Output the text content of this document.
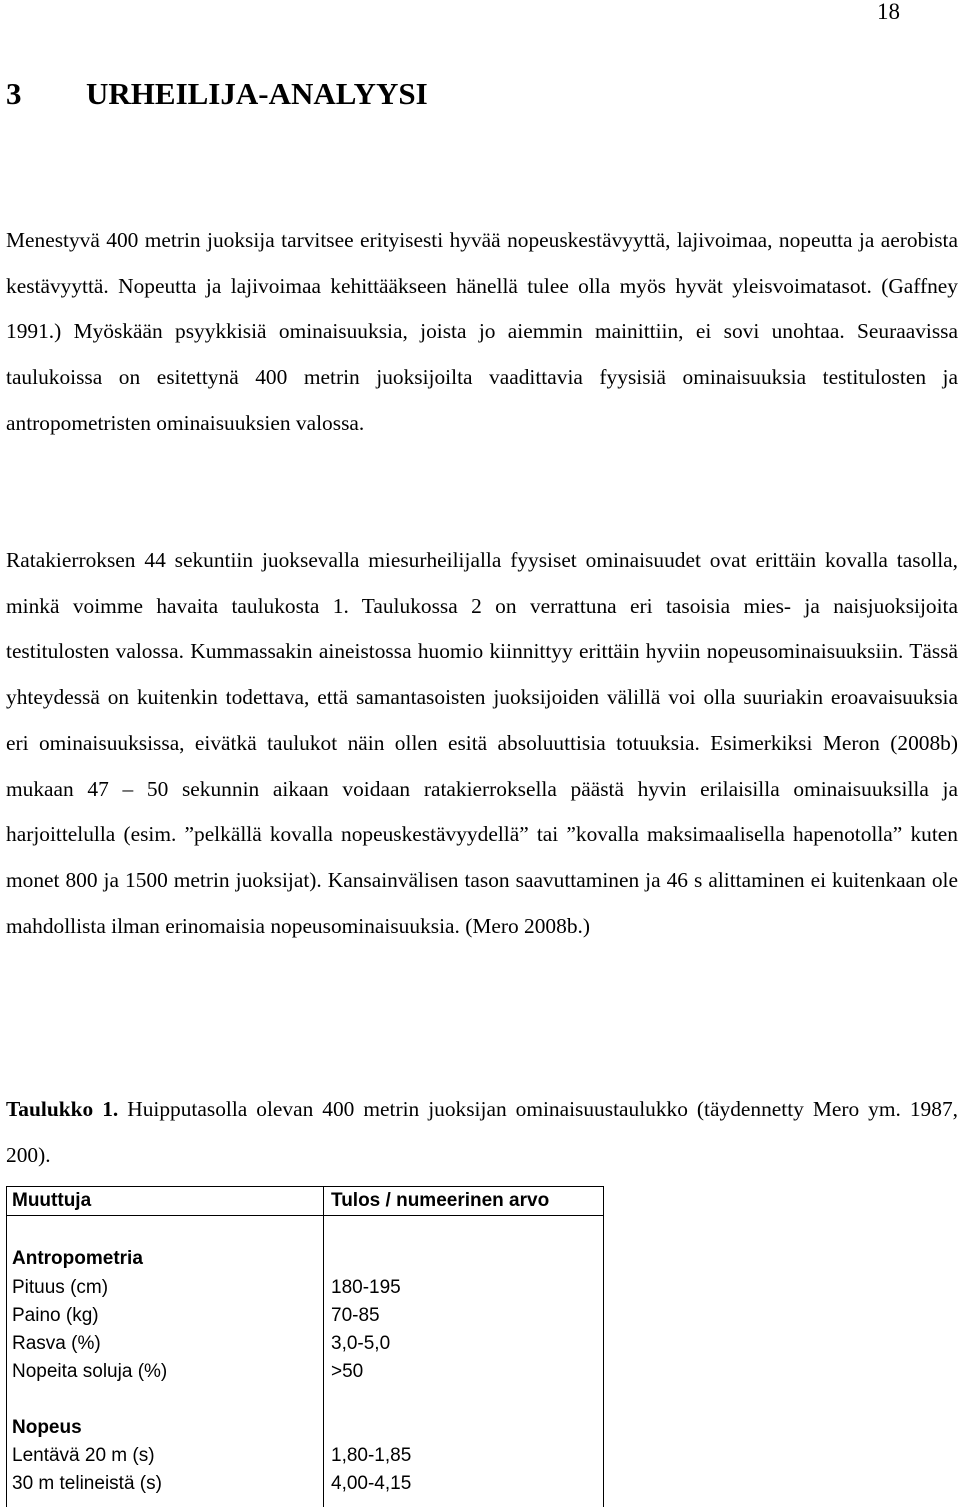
18
3 URHEILIJA-ANALYYSI

Menestyvä 400 metrin juoksija tarvitsee erityisesti hyvää nopeuskestävyyttä, lajivoimaa, nopeutta ja aerobista kestävyyttä. Nopeutta ja lajivoimaa kehittääkseen hänellä tulee olla myös hyvät yleisvoimatasot. (Gaffney 1991.) Myöskään psyykkisiä ominaisuuksia, joista jo aiemmin mainittiin, ei sovi unohtaa. Seuraavissa taulukoissa on esitettynä 400 metrin juoksijoilta vaadittavia fyysisiä ominaisuuksia testitulosten ja antropometristen ominaisuuksien valossa.

Ratakierroksen 44 sekuntiin juoksevalla miesurheilijalla fyysiset ominaisuudet ovat erittäin kovalla tasolla, minkä voimme havaita taulukosta 1. Taulukossa 2 on verrattuna eri tasoisia mies- ja naisjuoksijoita testitulosten valossa. Kummassakin aineistossa huomio kiinnittyy erittäin hyviin nopeusominaisuuksiin. Tässä yhteydessä on kuitenkin todettava, että samantasoisten juoksijoiden välillä voi olla suuriakin eroavaisuuksia eri ominaisuuksissa, eivätkä taulukot näin ollen esitä absoluuttisia totuuksia. Esimerkiksi Meron (2008b) mukaan 47 – 50 sekunnin aikaan voidaan ratakierroksella päästä hyvin erilaisilla ominaisuuksilla ja harjoittelulla (esim. ”pelkällä kovalla nopeuskestävyydellä” tai ”kovalla maksimaalisella hapenotolla” kuten monet 800 ja 1500 metrin juoksijat). Kansainvälisen tason saavuttaminen ja 46 s alittaminen ei kuitenkaan ole mahdollista ilman erinomaisia nopeusominaisuuksia. (Mero 2008b.)

Taulukko 1. Huipputasolla olevan 400 metrin juoksijan ominaisuustaulukko (täydennetty Mero ym. 1987, 200).

Muuttuja	Tulos / numeerinen arvo
Antropometria
Pituus (cm)	180-195
Paino (kg)	70-85
Rasva (%)	3,0-5,0
Nopeita soluja (%)	>50
Nopeus
Lentävä 20 m (s)	1,80-1,85
30 m telineistä (s)	4,00-4,15
